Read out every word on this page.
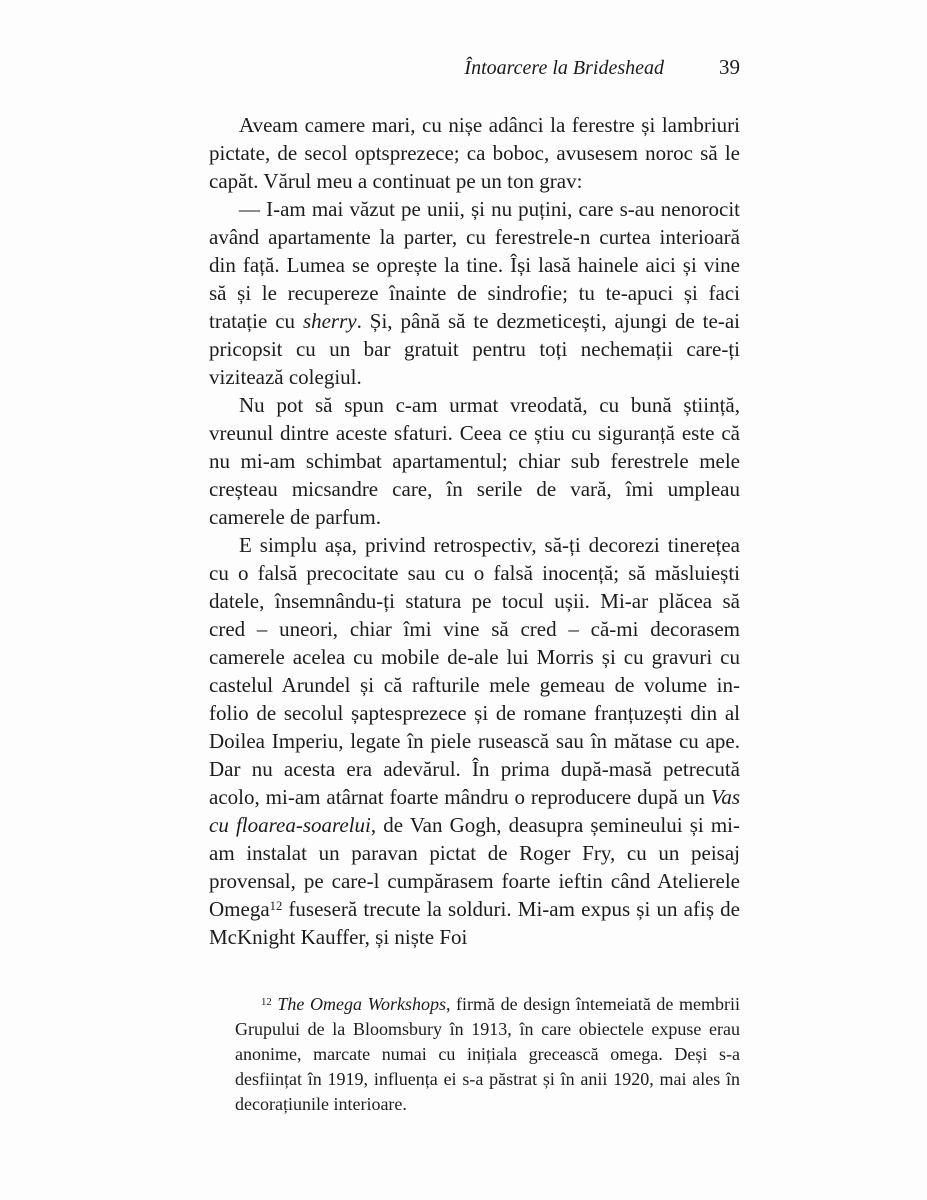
Întoarcere la Brideshead	39

Aveam camere mari, cu nișe adânci la ferestre și lambriuri pictate, de secol optsprezece; ca boboc, avusesem noroc să le capăt. Vărul meu a continuat pe un ton grav:

— I-am mai văzut pe unii, și nu puțini, care s-au nenorocit având apartamente la parter, cu ferestrele-n curtea interioară din față. Lumea se oprește la tine. Își lasă hainele aici și vine să și le recupereze înainte de sindrofie; tu te-apuci și faci tratație cu sherry. Și, până să te dezmeticești, ajungi de te-ai pricopsit cu un bar gratuit pentru toți nechemații care-ți vizitează colegiul.

Nu pot să spun c-am urmat vreodată, cu bună știință, vreunul dintre aceste sfaturi. Ceea ce știu cu siguranță este că nu mi-am schimbat apartamentul; chiar sub ferestrele mele creșteau micsandre care, în serile de vară, îmi umpleau camerele de parfum.

E simplu așa, privind retrospectiv, să-ți decorezi tinerețea cu o falsă precocitate sau cu o falsă inocență; să măsluiești datele, însemnându-ți statura pe tocul ușii. Mi-ar plăcea să cred – uneori, chiar îmi vine să cred – că-mi decorasem camerele acelea cu mobile de-ale lui Morris și cu gravuri cu castelul Arundel și că rafturile mele gemeau de volume in-folio de secolul șaptesprezece și de romane franțuzești din al Doilea Imperiu, legate în piele rusească sau în mătase cu ape. Dar nu acesta era adevărul. În prima după-masă petrecută acolo, mi-am atârnat foarte mândru o reproducere după un Vas cu floarea-soarelui, de Van Gogh, deasupra șemineului și mi-am instalat un paravan pictat de Roger Fry, cu un peisaj provensal, pe care-l cumpărasem foarte ieftin când Atelierele Omega$^{12}$ fuseseră trecute la solduri. Mi-am expus și un afiș de McKnight Kauffer, și niște Foi

$^{12}$ The Omega Workshops, firmă de design întemeiată de membrii Grupului de la Bloomsbury în 1913, în care obiectele expuse erau anonime, marcate numai cu inițiala grecească omega. Deși s-a desființat în 1919, influența ei s-a păstrat și în anii 1920, mai ales în decorațiunile interioare.
